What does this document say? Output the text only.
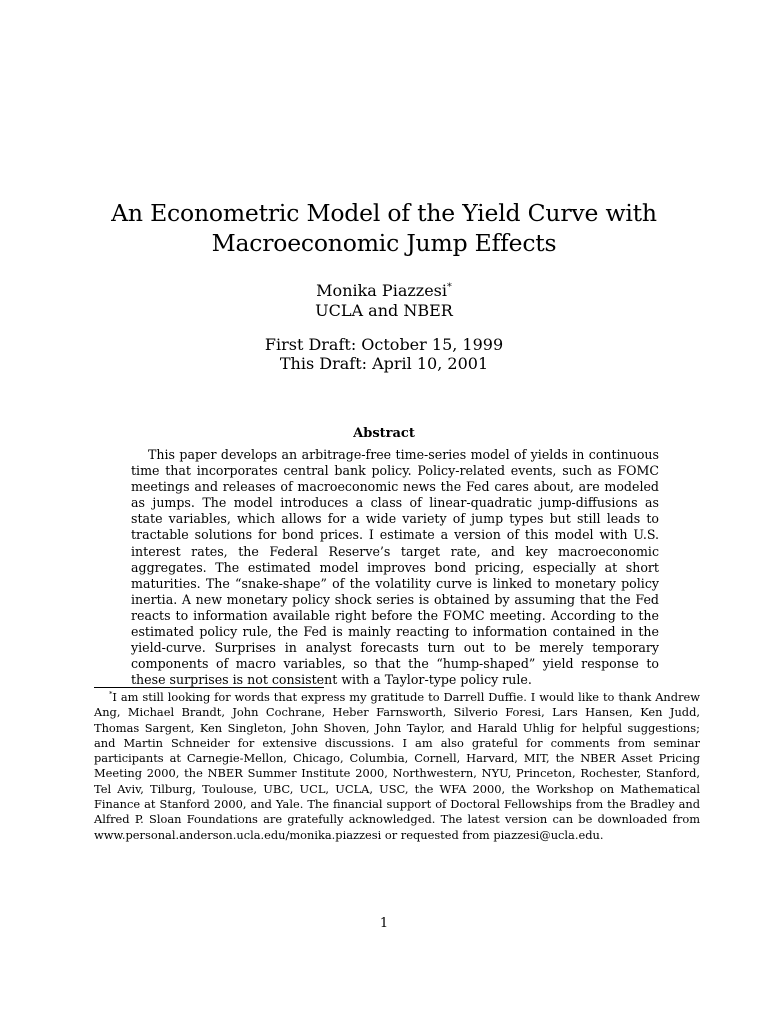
An Econometric Model of the Yield Curve with
Macroeconomic Jump Effects
Monika Piazzesi*
UCLA and NBER
First Draft: October 15, 1999
This Draft: April 10, 2001
Abstract

This paper develops an arbitrage-free time-series model of yields in continuous time that incorporates central bank policy. Policy-related events, such as FOMC meetings and releases of macroeconomic news the Fed cares about, are modeled as jumps. The model introduces a class of linear-quadratic jump-diffusions as state variables, which allows for a wide variety of jump types but still leads to tractable solutions for bond prices. I estimate a version of this model with U.S. interest rates, the Federal Reserve’s target rate, and key macroeconomic aggregates. The estimated model improves bond pricing, especially at short maturities. The “snake-shape” of the volatility curve is linked to monetary policy inertia. A new monetary policy shock series is obtained by assuming that the Fed reacts to information available right before the FOMC meeting. According to the estimated policy rule, the Fed is mainly reacting to information contained in the yield-curve. Surprises in analyst forecasts turn out to be merely temporary components of macro variables, so that the “hump-shaped” yield response to these surprises is not consistent with a Taylor-type policy rule.

*I am still looking for words that express my gratitude to Darrell Duffie. I would like to thank Andrew Ang, Michael Brandt, John Cochrane, Heber Farnsworth, Silverio Foresi, Lars Hansen, Ken Judd, Thomas Sargent, Ken Singleton, John Shoven, John Taylor, and Harald Uhlig for helpful suggestions; and Martin Schneider for extensive discussions. I am also grateful for comments from seminar participants at Carnegie-Mellon, Chicago, Columbia, Cornell, Harvard, MIT, the NBER Asset Pricing Meeting 2000, the NBER Summer Institute 2000, Northwestern, NYU, Princeton, Rochester, Stanford, Tel Aviv, Tilburg, Toulouse, UBC, UCL, UCLA, USC, the WFA 2000, the Workshop on Mathematical Finance at Stanford 2000, and Yale. The financial support of Doctoral Fellowships from the Bradley and Alfred P. Sloan Foundations are gratefully acknowledged. The latest version can be downloaded from www.personal.anderson.ucla.edu/monika.piazzesi or requested from piazzesi@ucla.edu.

1
